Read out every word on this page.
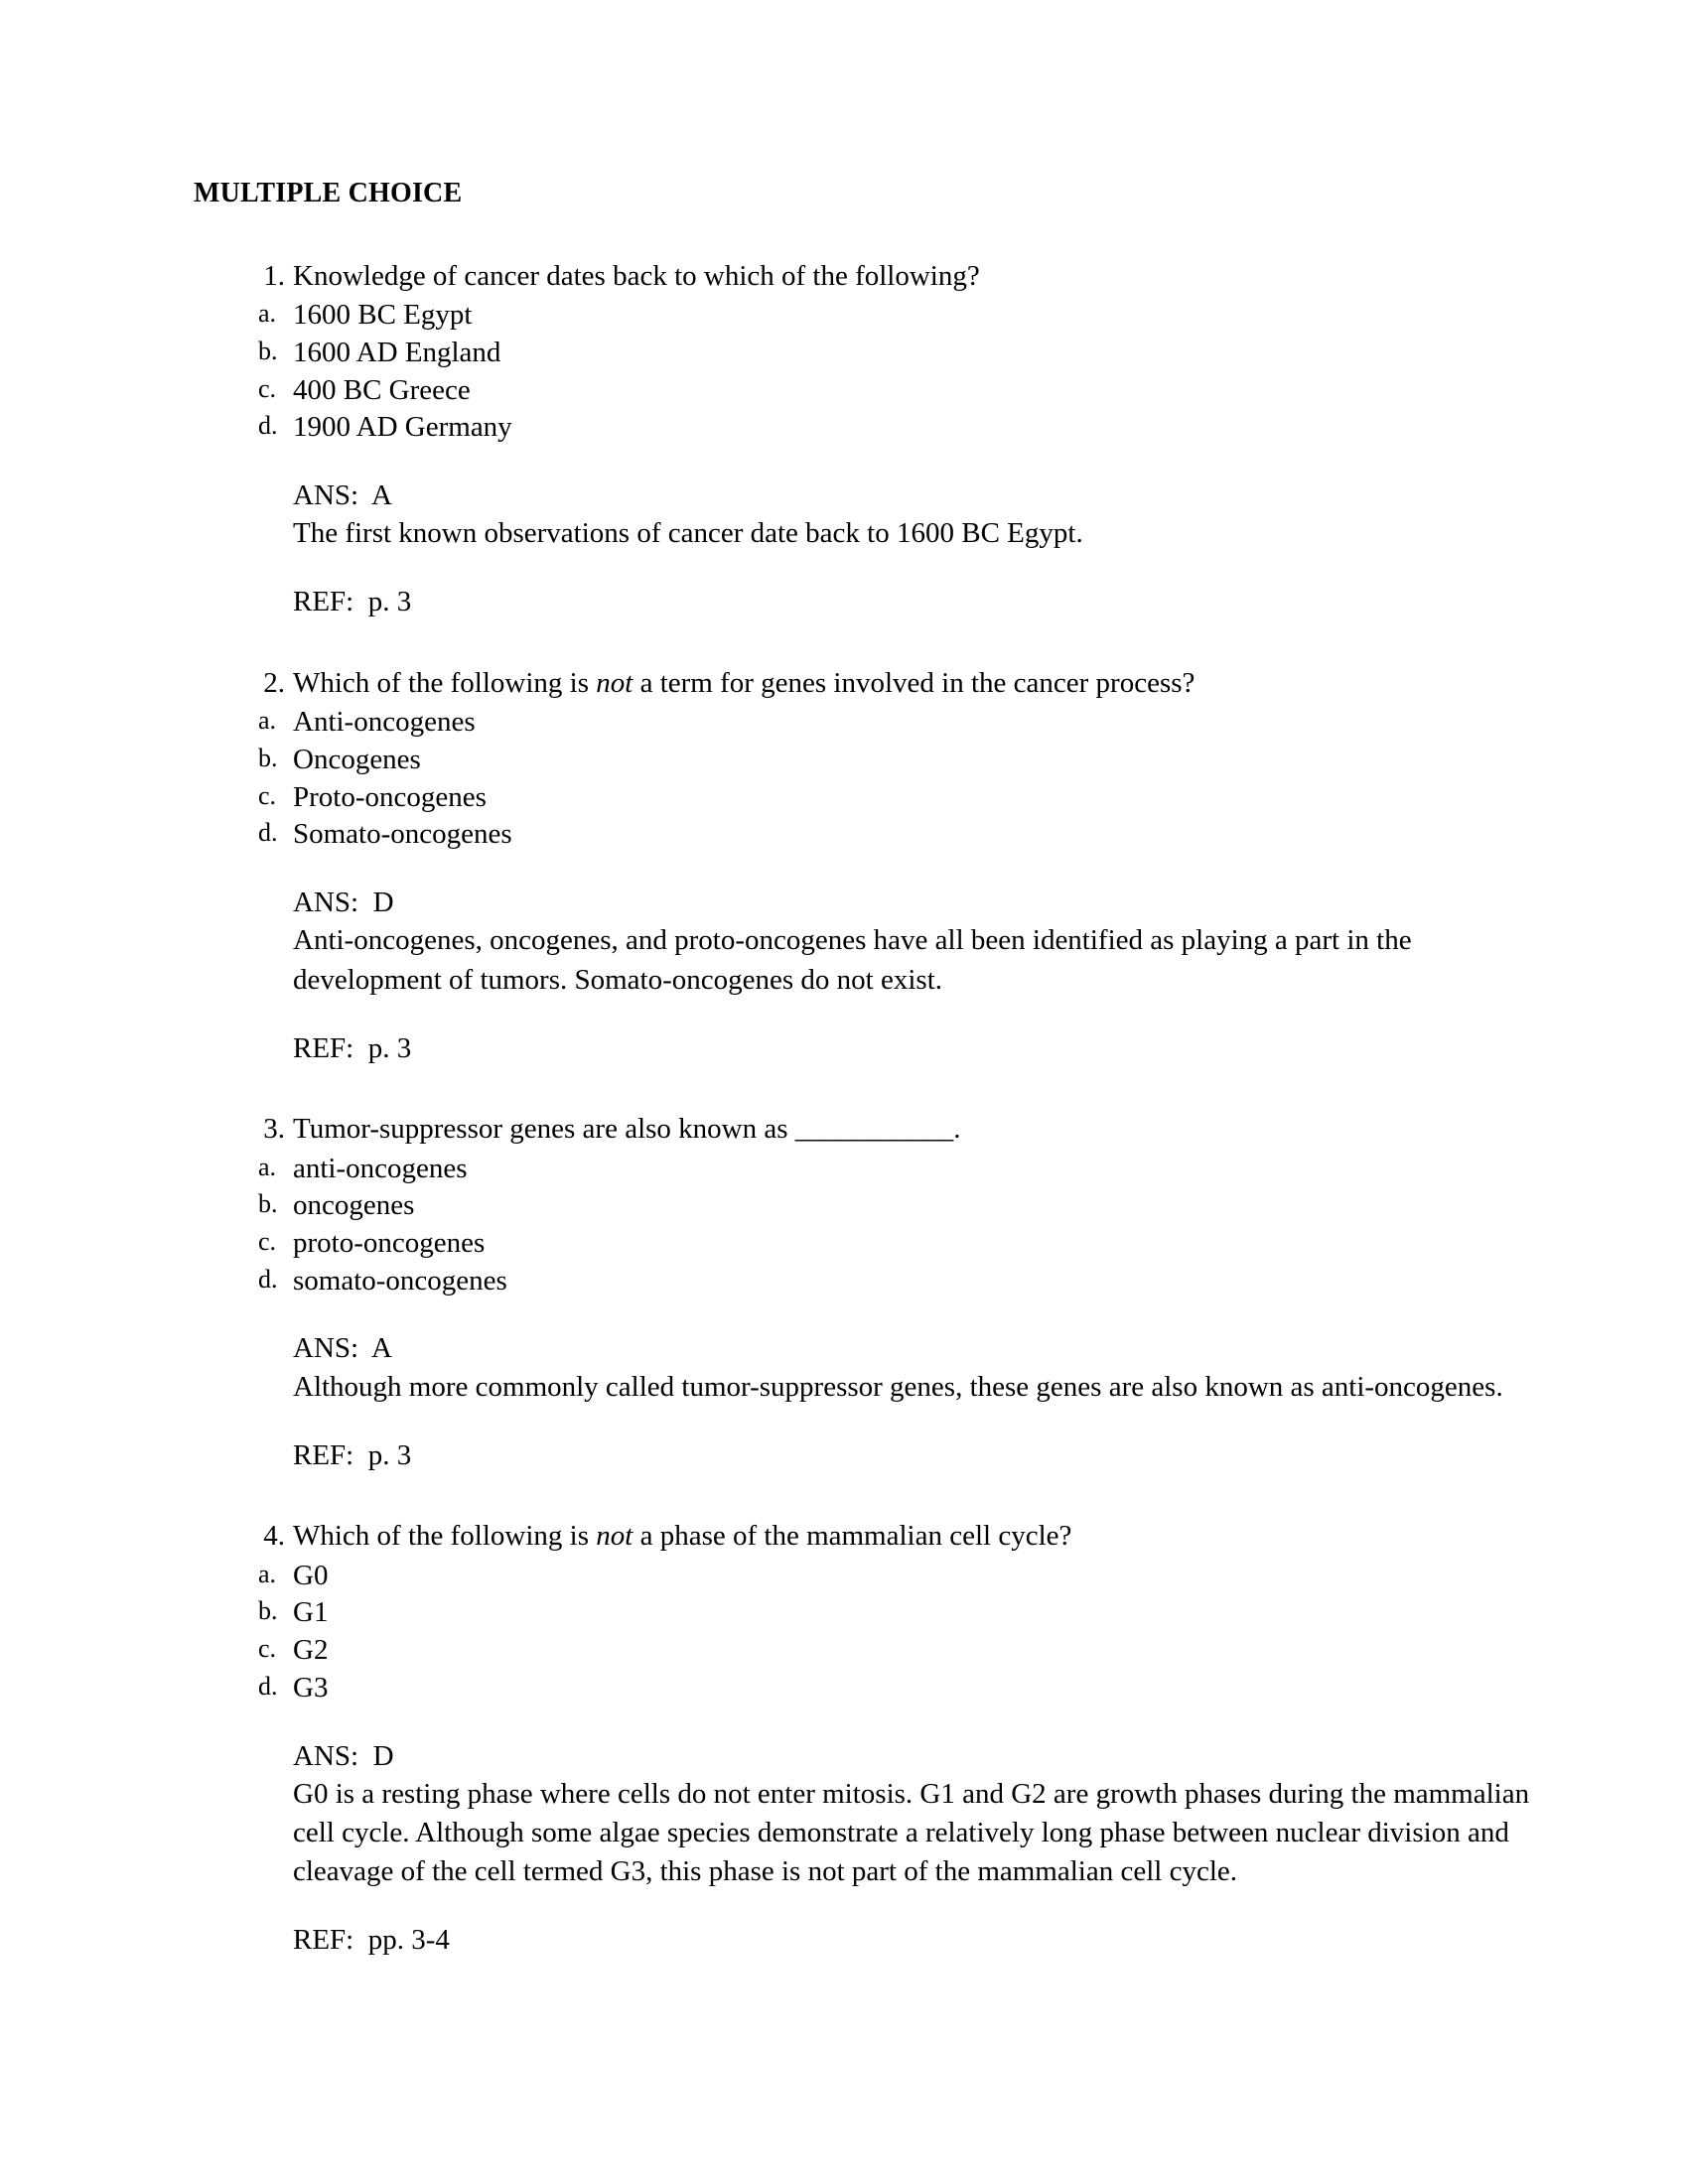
MULTIPLE CHOICE
1. Knowledge of cancer dates back to which of the following?
a. 1600 BC Egypt
b. 1600 AD England
c. 400 BC Greece
d. 1900 AD Germany
ANS:  A

The first known observations of cancer date back to 1600 BC Egypt.

REF:  p. 3
2. Which of the following is not a term for genes involved in the cancer process?
a. Anti-oncogenes
b. Oncogenes
c. Proto-oncogenes
d. Somato-oncogenes
ANS:  D

Anti-oncogenes, oncogenes, and proto-oncogenes have all been identified as playing a part in the development of tumors. Somato-oncogenes do not exist.

REF:  p. 3
3. Tumor-suppressor genes are also known as ___________.
a. anti-oncogenes
b. oncogenes
c. proto-oncogenes
d. somato-oncogenes
ANS:  A

Although more commonly called tumor-suppressor genes, these genes are also known as anti-oncogenes.

REF:  p. 3
4. Which of the following is not a phase of the mammalian cell cycle?
a. G0
b. G1
c. G2
d. G3
ANS:  D

G0 is a resting phase where cells do not enter mitosis. G1 and G2 are growth phases during the mammalian cell cycle. Although some algae species demonstrate a relatively long phase between nuclear division and cleavage of the cell termed G3, this phase is not part of the mammalian cell cycle.

REF:  pp. 3-4
